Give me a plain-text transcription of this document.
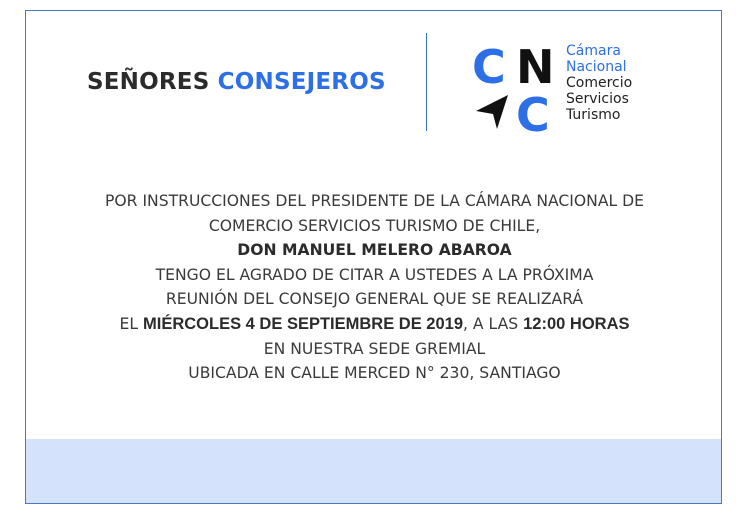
SEÑORES CONSEJEROS C N
C
Cámara
Nacional
Comercio
Servicios
Turismo
POR INSTRUCCIONES DEL PRESIDENTE DE LA CÁMARA NACIONAL DE
COMERCIO SERVICIOS TURISMO DE CHILE,
DON MANUEL MELERO ABAROA
TENGO EL AGRADO DE CITAR A USTEDES A LA PRÓXIMA
REUNIÓN DEL CONSEJO GENERAL QUE SE REALIZARÁ
EL MIÉRCOLES 4 DE SEPTIEMBRE DE 2019, A LAS 12:00 HORAS
EN NUESTRA SEDE GREMIAL
UBICADA EN CALLE MERCED N° 230, SANTIAGO
